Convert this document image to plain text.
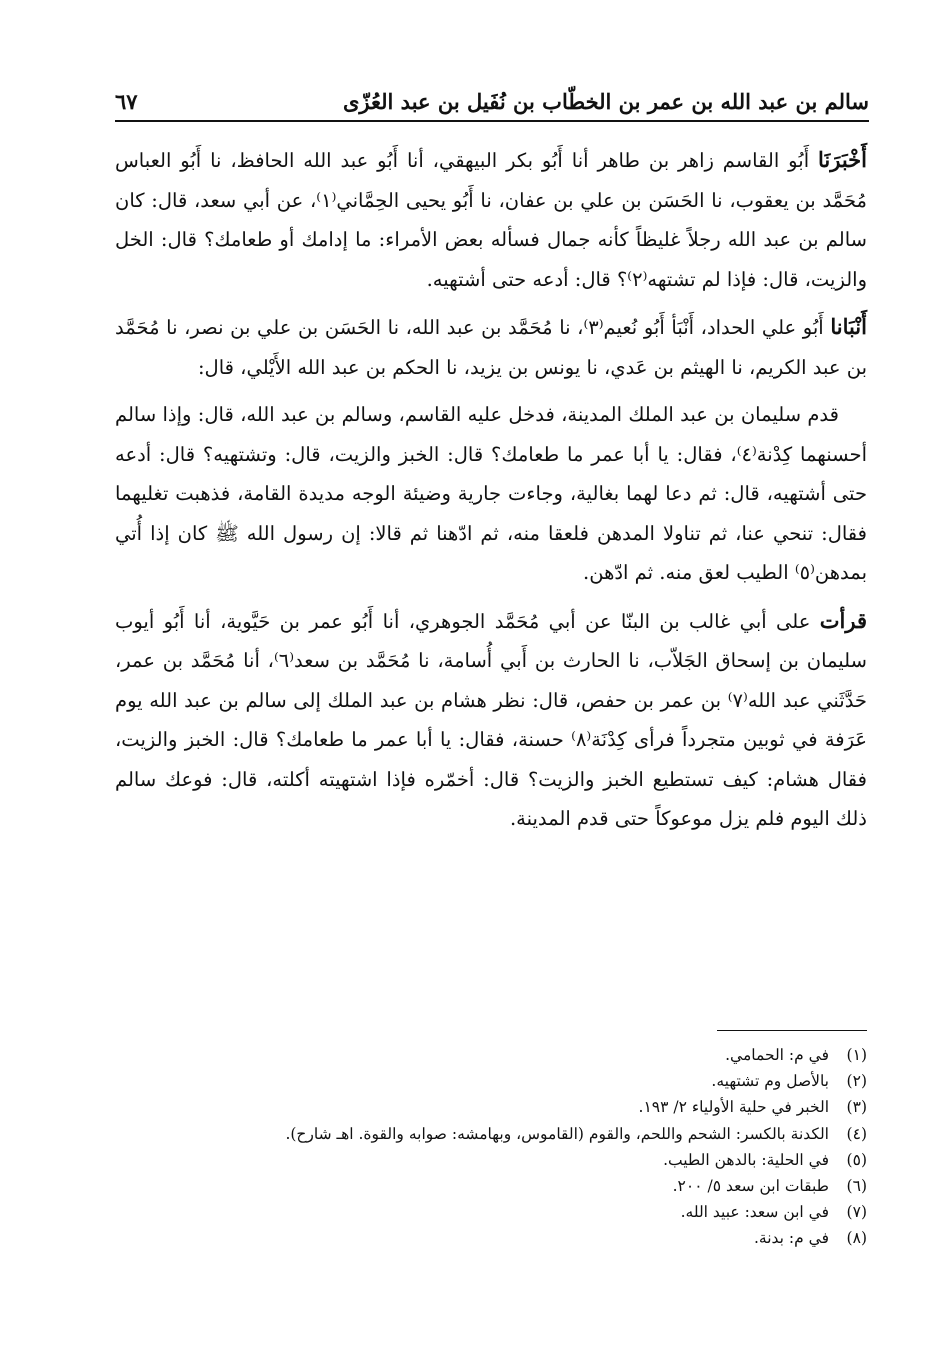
سالم بن عبد الله بن عمر بن الخطّاب بن نُفَيل بن عبد العُزّى
٦٧

أَخْبَرَنَا أَبُو القاسم زاهر بن طاهر أنا أَبُو بكر البيهقي، أنا أَبُو عبد الله الحافظ، نا أَبُو العباس مُحَمَّد بن يعقوب، نا الحَسَن بن علي بن عفان، نا أَبُو يحيى الحِمَّاني⁽١⁾، عن أبي سعد، قال: كان سالم بن عبد الله رجلاً غليظاً كأنه جمال فسأله بعض الأمراء: ما إدامك أو طعامك؟ قال: الخل والزيت، قال: فإذا لم تشتهه⁽٢⁾؟ قال: أدعه حتى أشتهيه.

أَنْبَانا أَبُو علي الحداد، أَنْبَأ أَبُو نُعيم⁽٣⁾، نا مُحَمَّد بن عبد الله، نا الحَسَن بن علي بن نصر، نا مُحَمَّد بن عبد الكريم، نا الهيثم بن عَدي، نا يونس بن يزيد، نا الحكم بن عبد الله الأَيْلي، قال:

قدم سليمان بن عبد الملك المدينة، فدخل عليه القاسم، وسالم بن عبد الله، قال: وإذا سالم أحسنهما كِدْنة⁽٤⁾، فقال: يا أبا عمر ما طعامك؟ قال: الخبز والزيت، قال: وتشتهيه؟ قال: أدعه حتى أشتهيه، قال: ثم دعا لهما بغالية، وجاءت جارية وضيئة الوجه مديدة القامة، فذهبت تغليهما فقال: تنحي عنا، ثم تناولا المدهن فلعقا منه، ثم ادّهنا ثم قالا: إن رسول الله ﷺ كان إذا أُتي بمدهن⁽٥⁾ الطيب لعق منه. ثم ادّهن.

قرأت على أبي غالب بن البنّا عن أبي مُحَمَّد الجوهري، أنا أَبُو عمر بن حَيَّوية، أنا أَبُو أيوب سليمان بن إسحاق الجَلاّب، نا الحارث بن أَبي أُسامة، نا مُحَمَّد بن سعد⁽٦⁾، أنا مُحَمَّد بن عمر، حَدَّثَني عبد الله⁽٧⁾ بن عمر بن حفص، قال: نظر هشام بن عبد الملك إلى سالم بن عبد الله يوم عَرَفة في ثوبين متجرداً فرأى كِدْنَة⁽٨⁾ حسنة، فقال: يا أبا عمر ما طعامك؟ قال: الخبز والزيت، فقال هشام: كيف تستطيع الخبز والزيت؟ قال: أخمّره فإذا اشتهيته أكلته، قال: فوعك سالم ذلك اليوم فلم يزل موعوكاً حتى قدم المدينة.

(١)
في م: الحمامي.
(٢)
بالأصل وم تشتهيه.
(٣)
الخبر في حلية الأولياء ٢/ ١٩٣.
(٤)
الكدنة بالكسر: الشحم واللحم، والقوم (القاموس، وبهامشه: صوابه والقوة. اهـ شارح).
(٥)
في الحلية: بالدهن الطيب.
(٦)
طبقات ابن سعد ٥/ ٢٠٠.
(٧)
في ابن سعد: عبيد الله.
(٨)
في م: بدنة.
